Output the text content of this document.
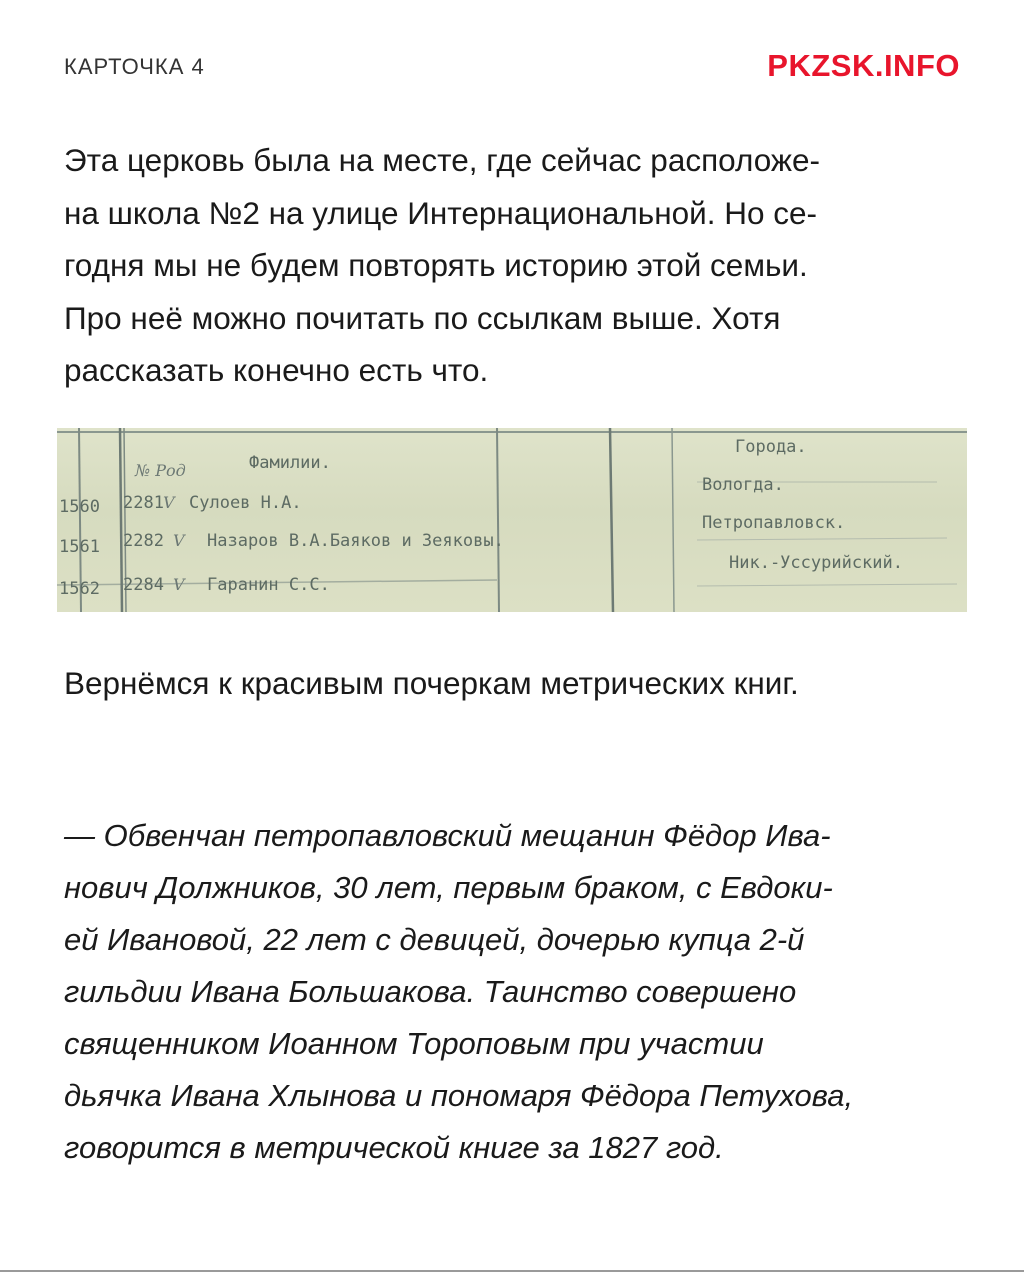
КАРТОЧКА 4	PKZSK.INFO
Эта церковь была на месте, где сейчас расположе-
на школа №2 на улице Интернациональной. Но се-
годня мы не будем повторять историю этой семьи.
Про неё можно почитать по ссылкам выше. Хотя
рассказать конечно есть что.
№ Род	Фамилии.
Города.
1560 2281 V Сулоев Н.А.
Вологда.
1561 2282 V Назаров В.А.Баяков и Зеяковы.
Петропавловск.
1562 2284 V Гаранин С.С.
Ник.-Уссурийский.
Вернёмся к красивым почеркам метрических книг.
— Обвенчан петропавловский мещанин Фёдор Ива-
нович Должников, 30 лет, первым браком, с Евдоки-
ей Ивановой, 22 лет с девицей, дочерью купца 2-й
гильдии Ивана Большакова. Таинство совершено
священником Иоанном Тороповым при участии
дьячка Ивана Хлынова и пономаря Фёдора Петухова,
говорится в метрической книге за 1827 год.
